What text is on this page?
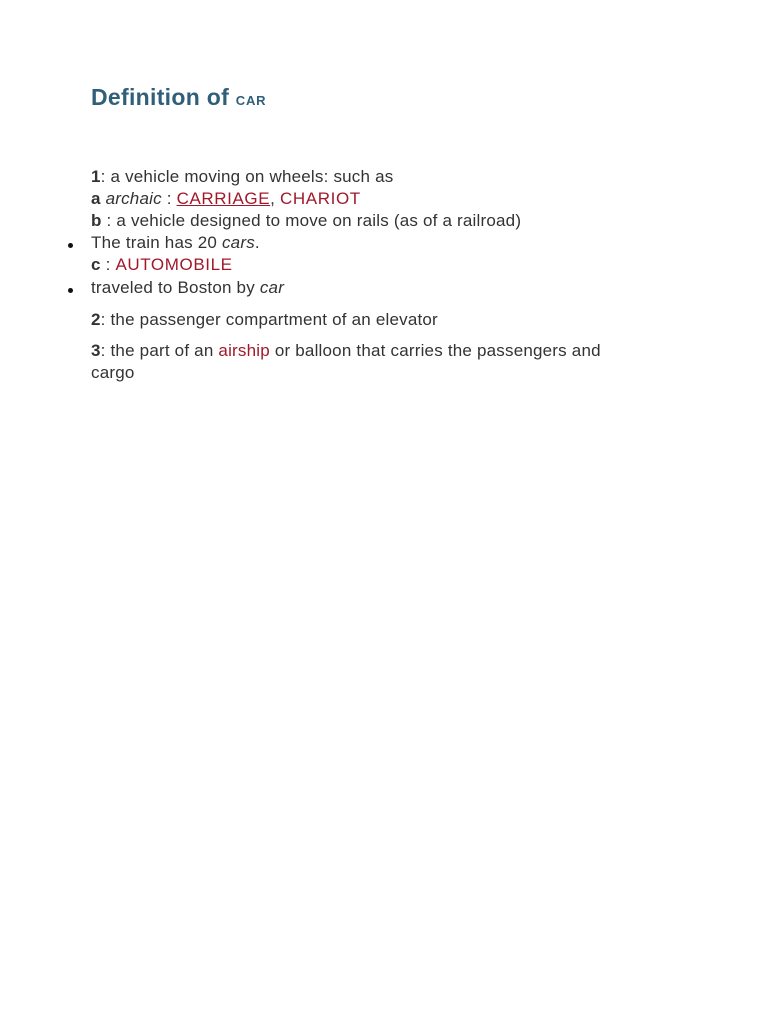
Definition of car
1: a vehicle moving on wheels: such as
a archaic : CARRIAGE, CHARIOT
b : a vehicle designed to move on rails (as of a railroad)
The train has 20 cars.
c : AUTOMOBILE
traveled to Boston by car
2: the passenger compartment of an elevator
3: the part of an airship or balloon that carries the passengers and
cargo
